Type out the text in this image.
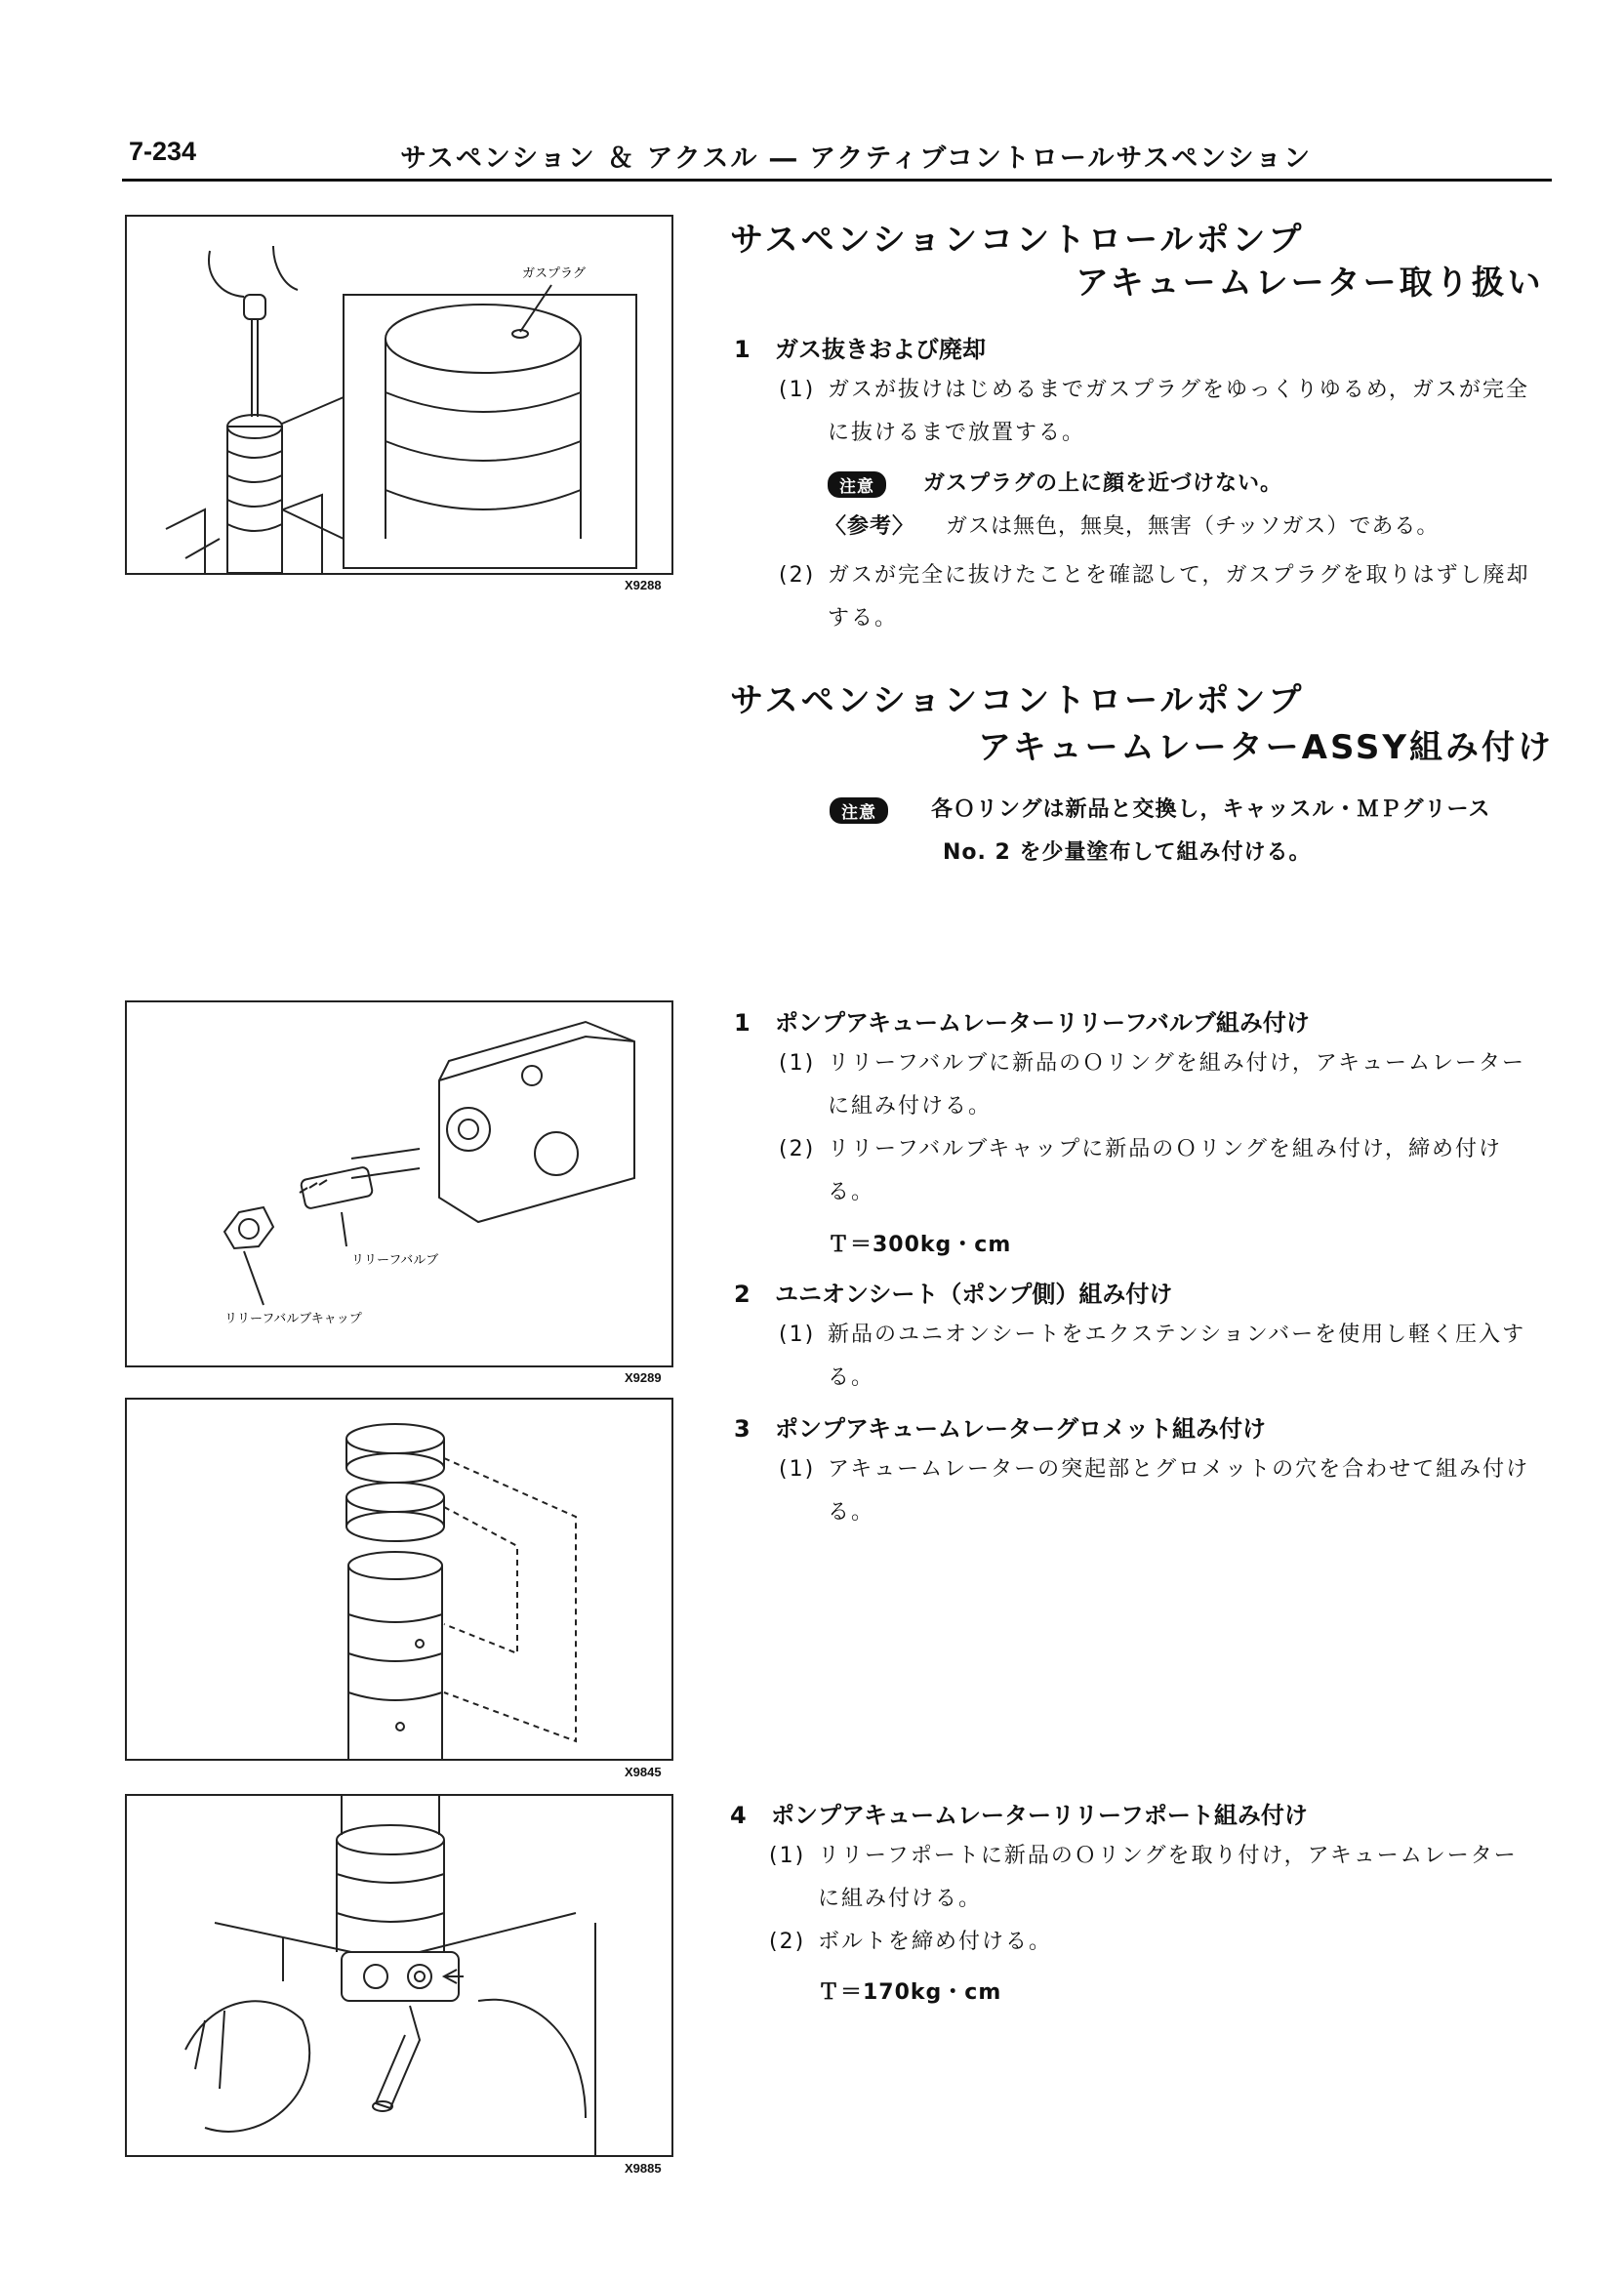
7-234	サスペンション ＆ アクスル ― アクティブコントロールサスペンション
ガスプラグ
X9288
リリーフバルブ
リリーフバルブキャップ
X9289
X9845
X9885
サスペンションコントロールポンプ
アキュームレーター取り扱い
1 ガス抜きおよび廃却
(1) ガスが抜けはじめるまでガスプラグをゆっくりゆるめ，ガスが完全に抜けるまで放置する。
注意 ガスプラグの上に顔を近づけない。
〈参考〉 ガスは無色，無臭，無害（チッソガス）である。
(2) ガスが完全に抜けたことを確認して，ガスプラグを取りはずし廃却する。
サスペンションコントロールポンプ
アキュームレーターASSY組み付け
注意	各Ｏリングは新品と交換し，キャッスル・ＭＰグリース
No. 2 を少量塗布して組み付ける。
1 ポンプアキュームレーターリリーフバルブ組み付け
(1) リリーフバルブに新品のＯリングを組み付け，アキュームレーターに組み付ける。
(2) リリーフバルブキャップに新品のＯリングを組み付け，締め付ける。
Ｔ＝300kg・cm
2 ユニオンシート（ポンプ側）組み付け
(1) 新品のユニオンシートをエクステンションバーを使用し軽く圧入する。
3 ポンプアキュームレーターグロメット組み付け
(1) アキュームレーターの突起部とグロメットの穴を合わせて組み付ける。
4 ポンプアキュームレーターリリーフポート組み付け
(1) リリーフポートに新品のＯリングを取り付け，アキュームレーターに組み付ける。
(2) ボルトを締め付ける。
Ｔ＝170kg・cm
